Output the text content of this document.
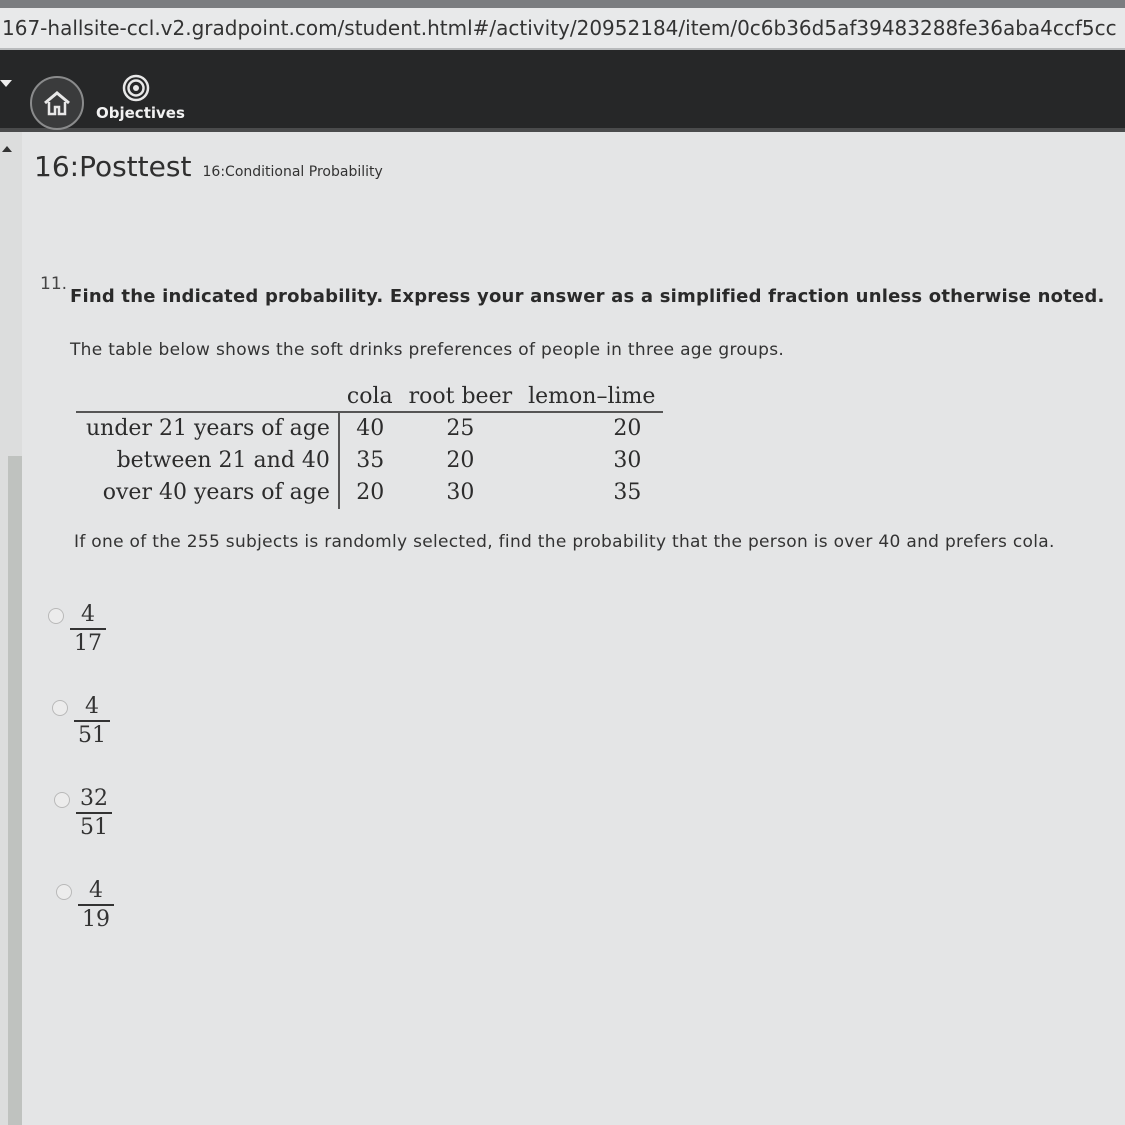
167-hallsite-ccl.v2.gradpoint.com/student.html#/activity/20952184/item/0c6b36d5af39483288fe36aba4ccf5cc
Objectives
16:Posttest 16:Conditional Probability
11.
Find the indicated probability. Express your answer as a simplified fraction unless otherwise noted.
The table below shows the soft drinks preferences of people in three age groups.
	cola	root beer	lemon–lime
under 21 years of age	40	25	20
between 21 and 40	35	20	30
over 40 years of age	20	30	35
If one of the 255 subjects is randomly selected, find the probability that the person is over 40 and prefers cola.
$\frac{4}{17}$
$\frac{4}{51}$
$\frac{32}{51}$
$\frac{4}{19}$
